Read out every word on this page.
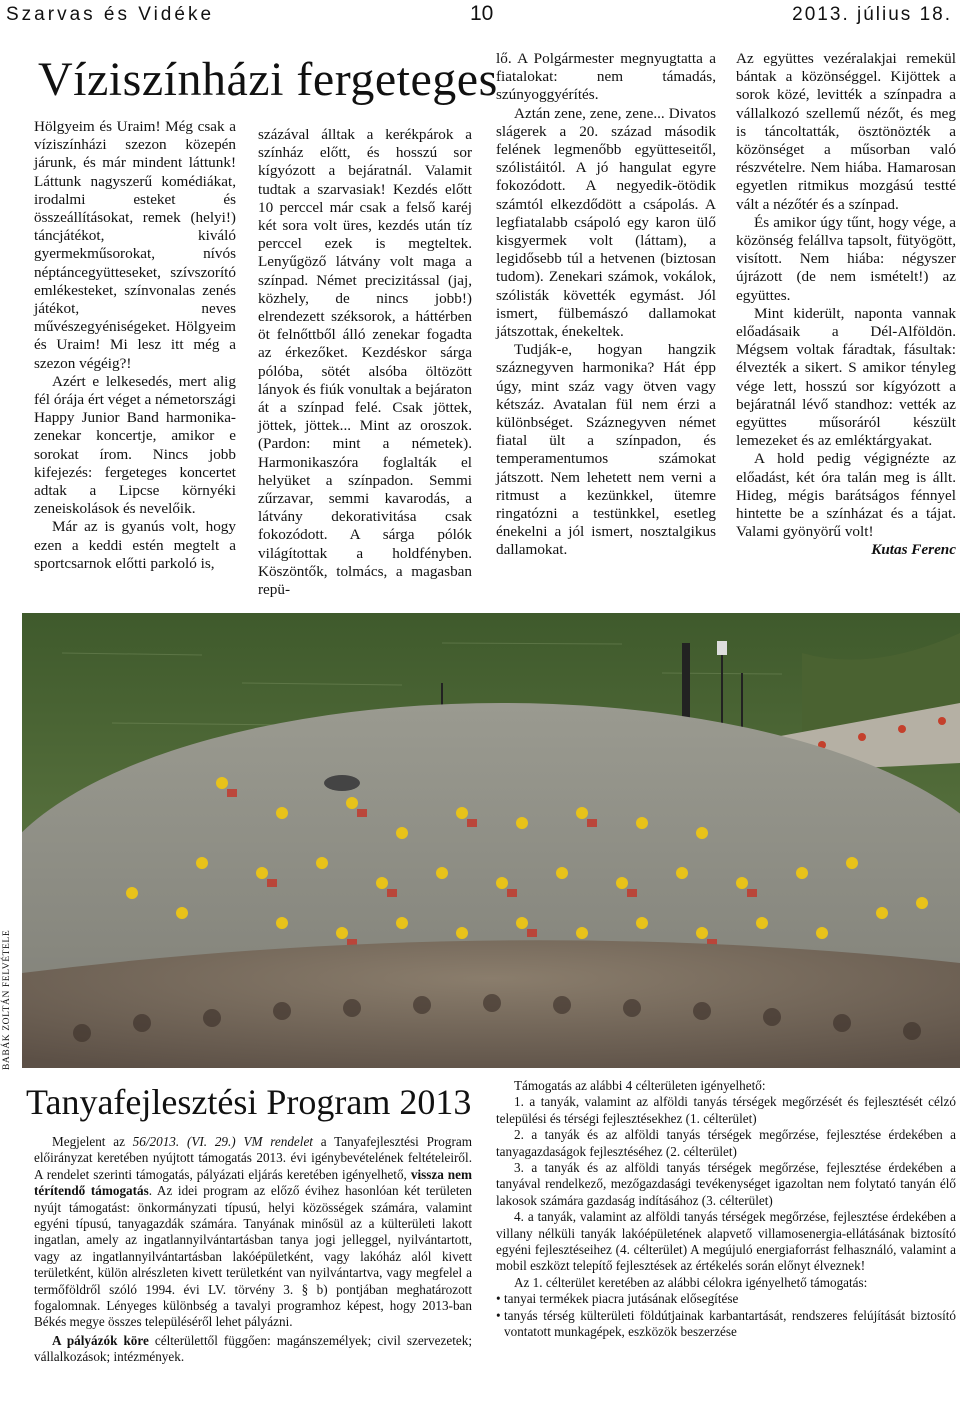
Szarvas és Vidéke	10	2013. július 18.
Víziszínházi fergeteges

Hölgyeim és Uraim! Még csak a víziszínházi szezon közepén járunk, és már mindent láttunk! Láttunk nagyszerű komédiákat, irodalmi esteket és összeállításokat, remek (helyi!) táncjátékot, kiváló gyermekműsorokat, nívós néptáncegyütteseket, szívszorító emlékesteket, színvonalas zenés játékot, neves művészegyéniségeket. Hölgyeim és Uraim! Mi lesz itt még a szezon végéig?!

Azért e lelkesedés, mert alig fél órája ért véget a németországi Happy Junior Band harmonika-zenekar koncertje, amikor e sorokat írom. Nincs jobb kifejezés: fergeteges koncertet adtak a Lipcse környéki zeneiskolások és nevelőik.

Már az is gyanús volt, hogy ezen a keddi estén megtelt a sportcsarnok előtti parkoló is,

százával álltak a kerékpárok a színház előtt, és hosszú sor kígyózott a bejáratnál. Valamit tudtak a szarvasiak! Kezdés előtt 10 perccel már csak a felső karéj két sora volt üres, kezdés után tíz perccel ezek is megteltek. Lenyűgöző látvány volt maga a színpad. Német precizitással (jaj, közhely, de nincs jobb!) elrendezett széksorok, a háttérben öt felnőttből álló zenekar fogadta az érkezőket. Kezdéskor sárga pólóba, sötét alsóba öltözött lányok és fiúk vonultak a bejáraton át a színpad felé. Csak jöttek, jöttek, jöttek... Mint az oroszok. (Pardon: mint a németek). Harmonikaszóra foglalták el helyüket a színpadon. Semmi zűrzavar, semmi kavarodás, a látvány dekorativitása csak fokozódott. A sárga pólók világítottak a holdfényben. Köszöntők, tolmács, a magasban repü-

lő. A Polgármester megnyugtatta a fiatalokat: nem támadás, szúnyoggyérítés.

Aztán zene, zene, zene... Divatos slágerek a 20. század második felének legmenőbb együtteseitől, szólistáitól. A jó hangulat egyre fokozódott. A negyedik-ötödik számtól elkezdődött a csápolás. A legfiatalabb csápoló egy karon ülő kisgyermek volt (láttam), a legidősebb túl a hetvenen (biztosan tudom). Zenekari számok, vokálok, szólisták követték egymást. Jól ismert, fülbemászó dallamokat játszottak, énekeltek.

Tudják-e, hogyan hangzik száznegyven harmonika? Hát épp úgy, mint száz vagy ötven vagy kétszáz. Avatalan fül nem érzi a különbséget. Száznegyven német fiatal ült a színpadon, és temperamentumos számokat játszott. Nem lehetett nem verni a ritmust a kezünkkel, ütemre ringatózni a testünkkel, esetleg énekelni a jól ismert, nosztalgikus dallamokat.

Az együttes vezéralakjai remekül bántak a közönséggel. Kijöttek a sorok közé, levitték a színpadra a vállalkozó szellemű nézőt, és meg is táncoltatták, ösztönözték a közönséget a műsorban való részvételre. Nem hiába. Hamarosan egyetlen ritmikus mozgású testté vált a nézőtér és a színpad.

És amikor úgy tűnt, hogy vége, a közönség felállva tapsolt, fütyögött, visított. Nem hiába: négyszer újrázott (de nem ismételt!) az együttes.

Mint kiderült, naponta vannak előadásaik a Dél-Alföldön. Mégsem voltak fáradtak, fásultak: élvezték a sikert. S amikor tényleg vége lett, hosszú sor kígyózott a bejáratnál lévő standhoz: vették az együttes műsoráról készült lemezeket és az emléktárgyakat.

A hold pedig végignézte az előadást, két óra talán meg is állt. Hideg, mégis barátságos fénnyel hintette be a színházat és a tájat. Valami gyönyörű volt!

Kutas Ferenc

BABÁK ZOLTÁN FELVÉTELE
Tanyafejlesztési Program 2013

Megjelent az 56/2013. (VI. 29.) VM rendelet a Tanyafejlesztési Program előirányzat keretében nyújtott támogatás 2013. évi igénybevételének feltételeiről. A rendelet szerinti támogatás, pályázati eljárás keretében igényelhető, vissza nem térítendő támogatás. Az idei program az előző évihez hasonlóan két területen nyújt támogatást: önkormányzati típusú, helyi közösségek számára, valamint egyéni típusú, tanyagazdák számára. Tanyának minősül az a külterületi lakott ingatlan, amely az ingatlannyilvántartásban tanya jogi jelleggel, nyilvántartott, vagy az ingatlannyilvántartásban lakóépületként, vagy lakóház alól kivett területként, külön alrészleten kivett területként van nyilvántartva, vagy megfelel a termőföldről szóló 1994. évi LV. törvény 3. § b) pontjában meghatározott fogalomnak. Lényeges különbség a tavalyi programhoz képest, hogy 2013-ban Békés megye összes településéről lehet pályázni.

A pályázók köre célterülettől függően: magánszemélyek; civil szervezetek; vállalkozások; intézmények.

Támogatás az alábbi 4 célterületen igényelhető:

1. a tanyák, valamint az alföldi tanyás térségek megőrzését és fejlesztését célzó települési és térségi fejlesztésekhez (1. célterület)

2. a tanyák és az alföldi tanyás térségek megőrzése, fejlesztése érdekében a tanyagazdaságok fejlesztéséhez (2. célterület)

3. a tanyák és az alföldi tanyás térségek megőrzése, fejlesztése érdekében a tanyával rendelkező, mezőgazdasági tevékenységet igazoltan nem folytató tanyán élő lakosok számára gazdaság indításához (3. célterület)

4. a tanyák, valamint az alföldi tanyás térségek megőrzése, fejlesztése érdekében a villany nélküli tanyák lakóépületének alapvető villamosenergia-ellátásának biztosító egyéni fejlesztéseihez (4. célterület) A megújuló energiaforrást felhasználó, valamint a mobil eszközt telepítő fejlesztések az értékelés során előnyt élveznek!

Az 1. célterület keretében az alábbi célokra igényelhető támogatás:

• tanyai termékek piacra jutásának elősegítése
• tanyás térség külterületi földútjainak karbantartását, rendszeres felújítását biztosító vontatott munkagépek, eszközök beszerzése
